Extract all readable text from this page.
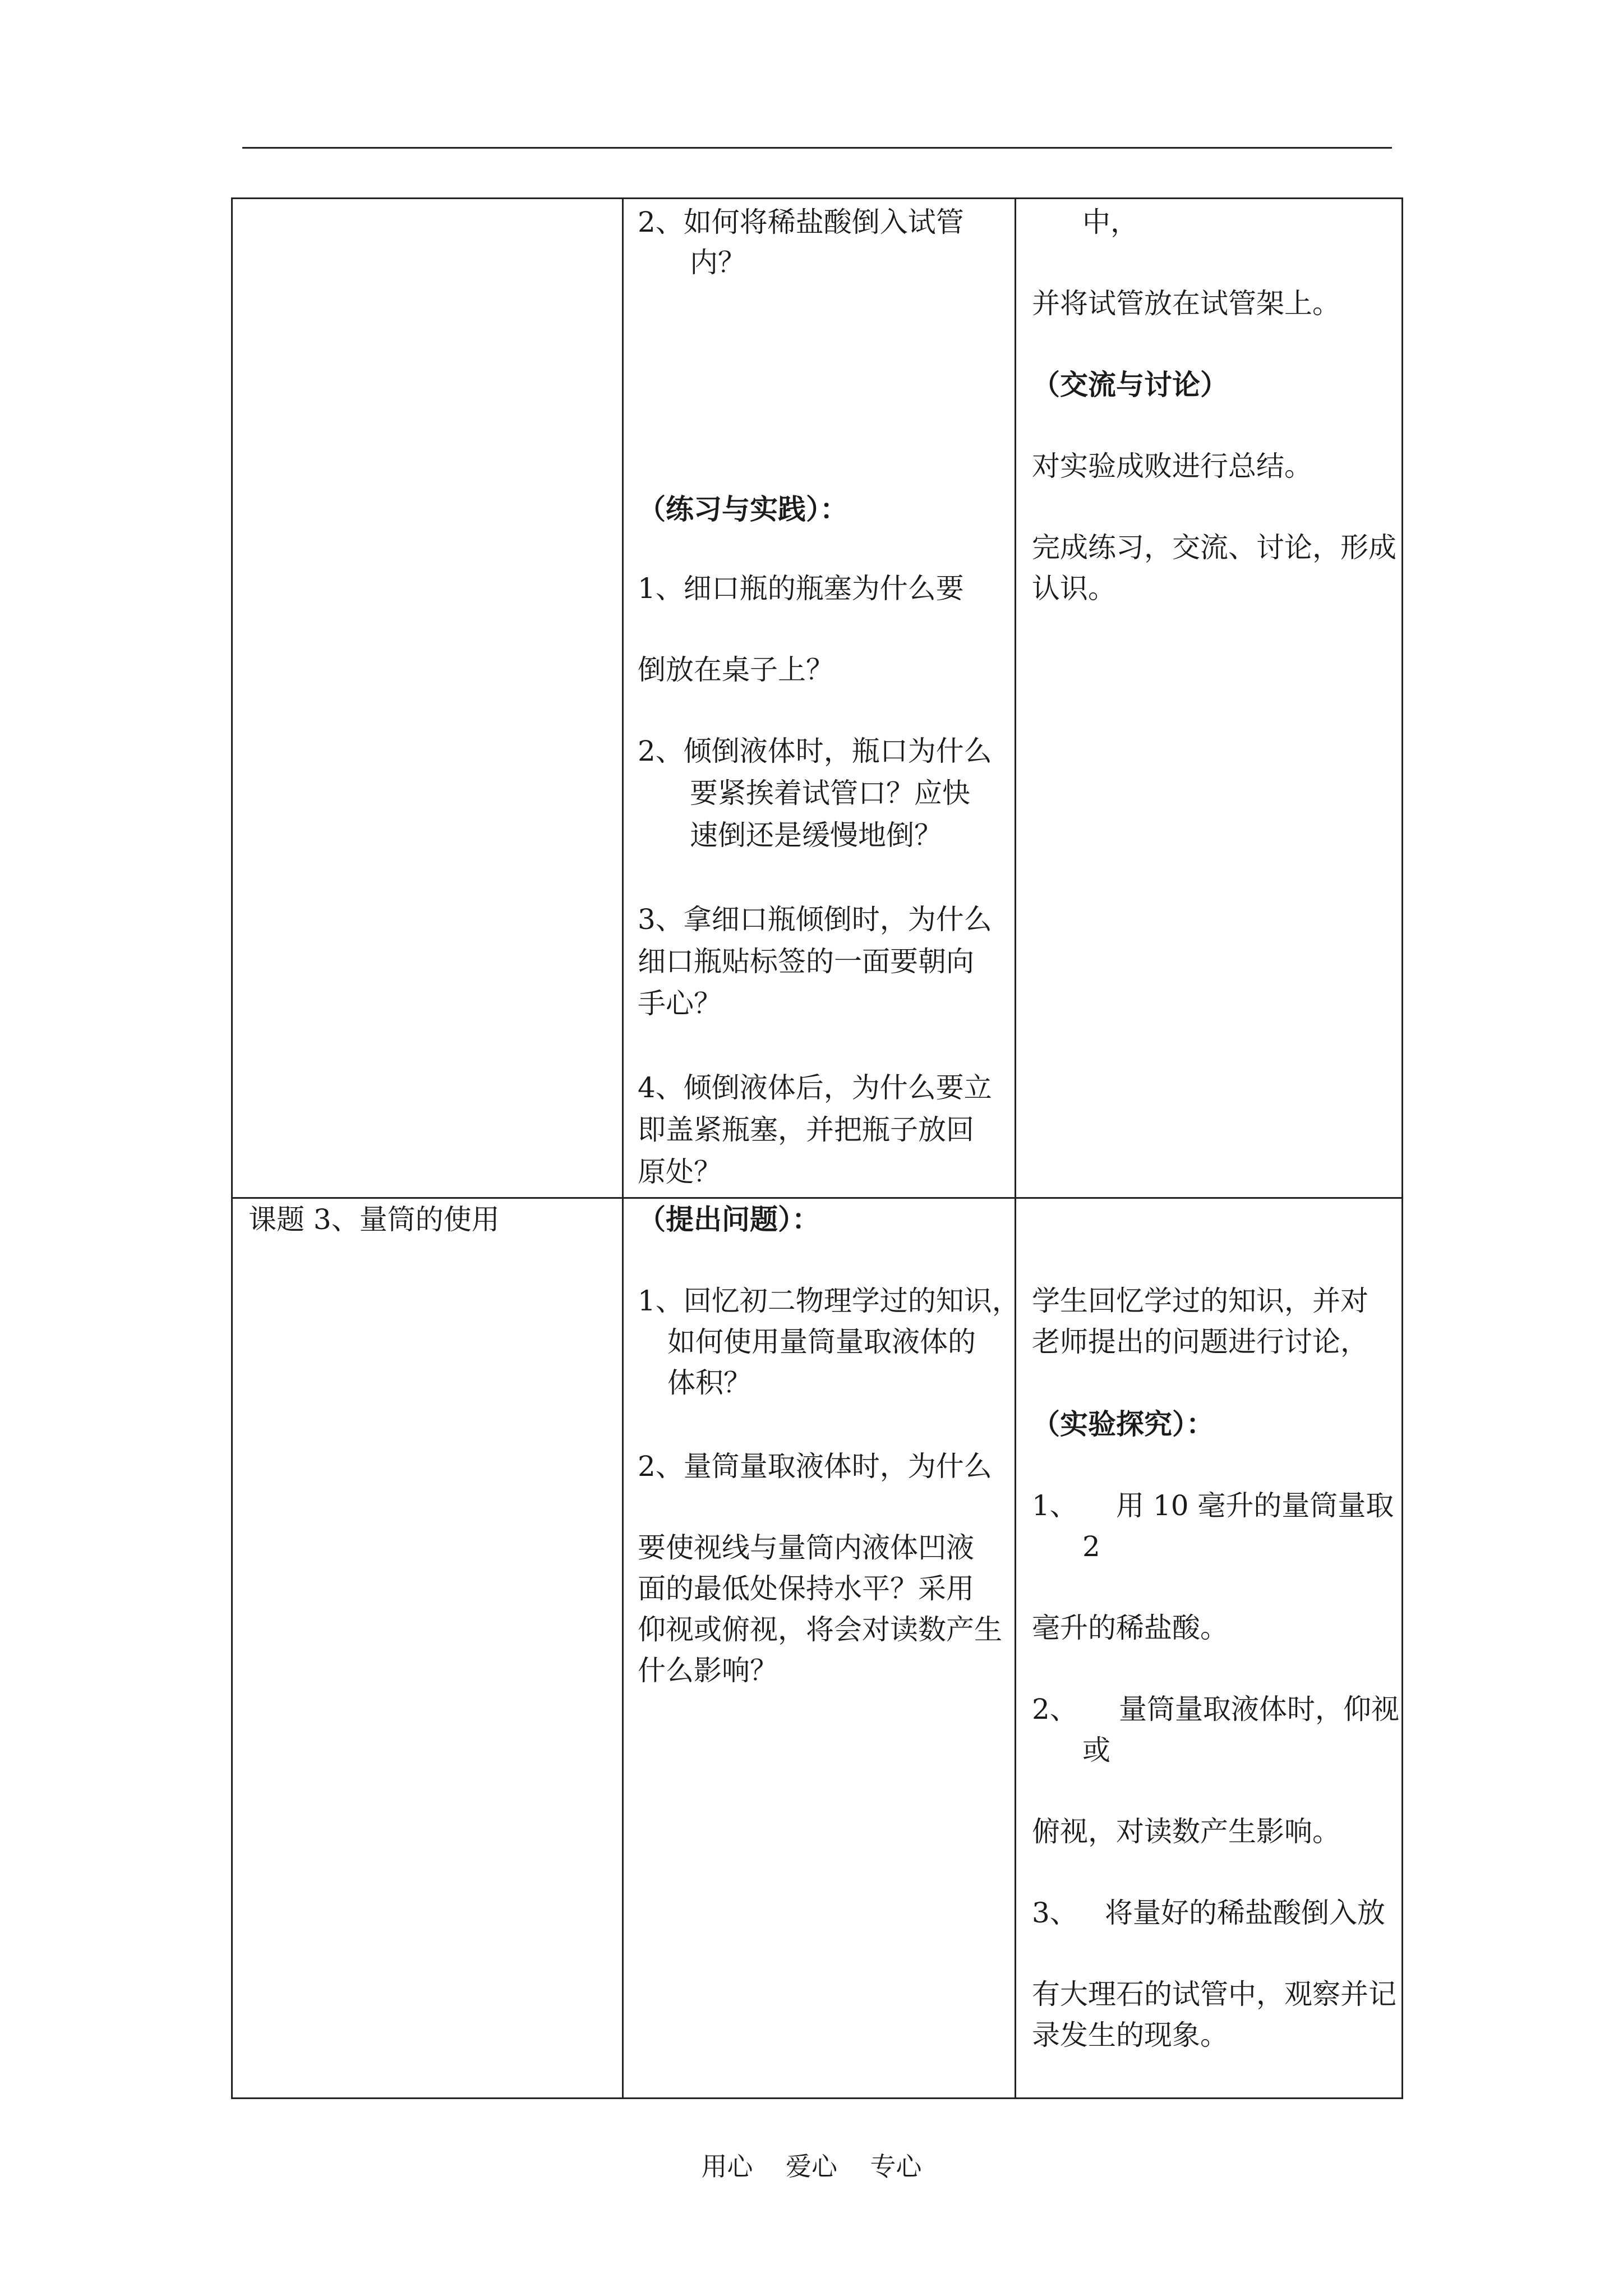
2、如何将稀盐酸倒入试管
内？
（练习与实践）：
1、细口瓶的瓶塞为什么要
倒放在桌子上？
2、倾倒液体时，瓶口为什么
要紧挨着试管口？应快
速倒还是缓慢地倒？
3、拿细口瓶倾倒时，为什么
细口瓶贴标签的一面要朝向
手心？
4、倾倒液体后，为什么要立
即盖紧瓶塞，并把瓶子放回
原处？
中，
并将试管放在试管架上。
（交流与讨论）
对实验成败进行总结。
完成练习，交流、讨论，形成
认识。
课题 3、量筒的使用	（提出问题）：
1、回忆初二物理学过的知识，
如何使用量筒量取液体的
体积？
2、量筒量取液体时，为什么
要使视线与量筒内液体凹液
面的最低处保持水平？采用
仰视或俯视，将会对读数产生
什么影响？
学生回忆学过的知识，并对
老师提出的问题进行讨论，
（实验探究）：
1、 用 10 毫升的量筒量取
2
毫升的稀盐酸。
2、 量筒量取液体时，仰视
或
俯视，对读数产生影响。
3、 将量好的稀盐酸倒入放
有大理石的试管中，观察并记
录发生的现象。
用心    爱心    专心
